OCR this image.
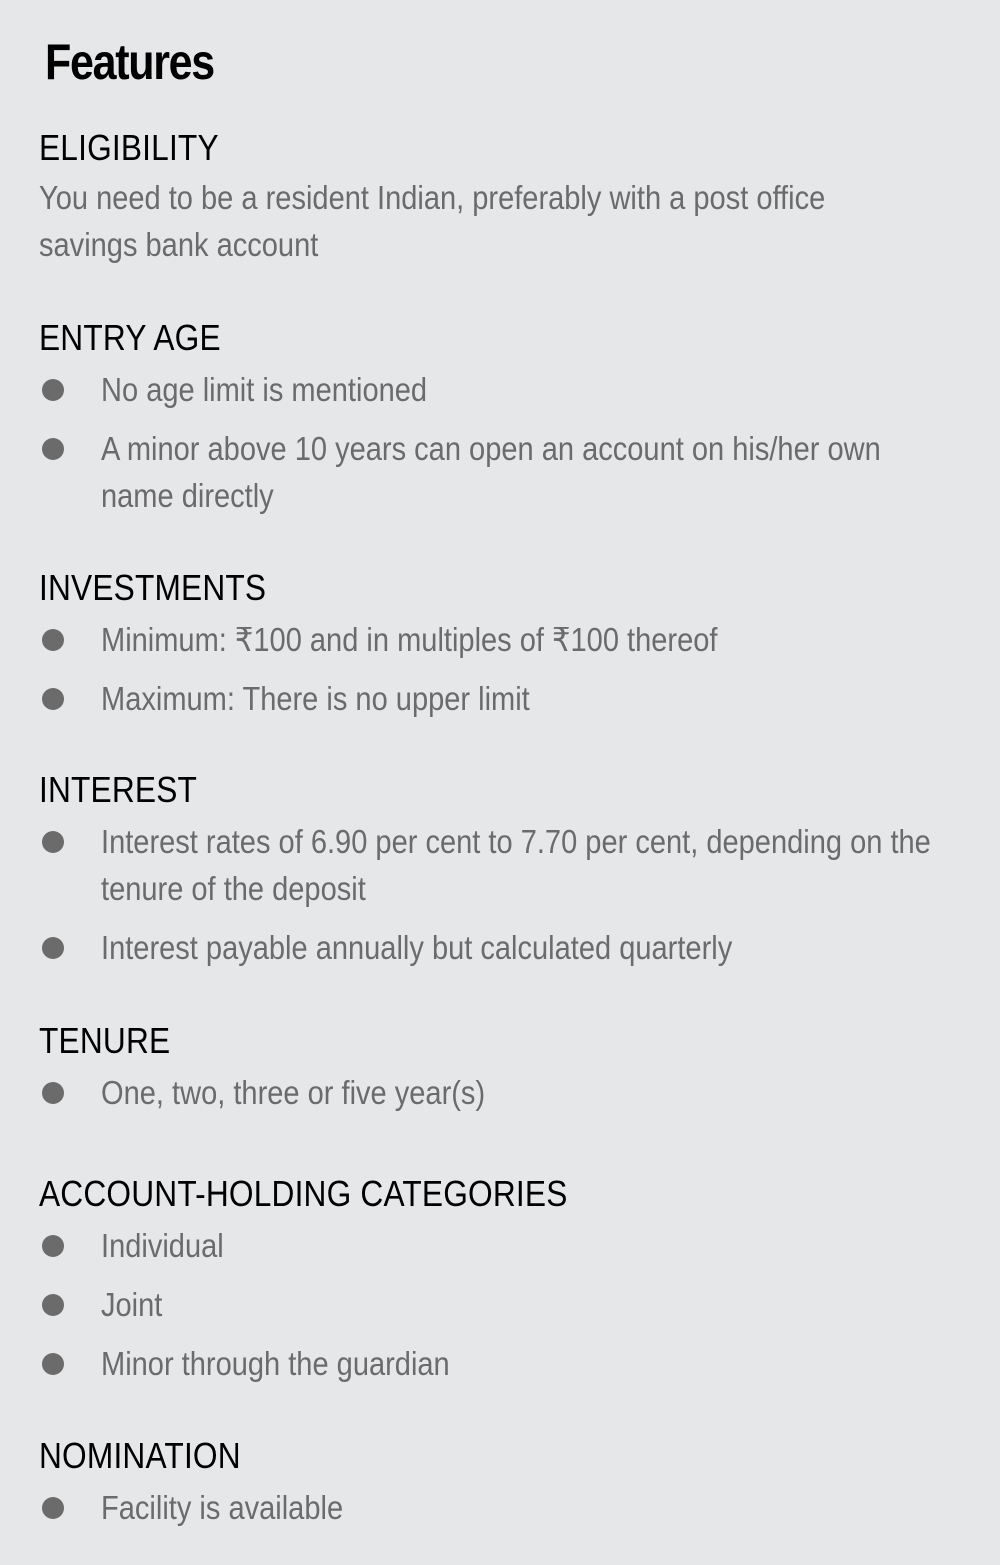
Features
ELIGIBILITY

You need to be a resident Indian, preferably with a post office savings bank account

ENTRY AGE
No age limit is mentioned
A minor above 10 years can open an account on his/her own name directly
INVESTMENTS
Minimum: ₹100 and in multiples of ₹100 thereof
Maximum: There is no upper limit
INTEREST
Interest rates of 6.90 per cent to 7.70 per cent, depending on the tenure of the deposit
Interest payable annually but calculated quarterly
TENURE
One, two, three or five year(s)
ACCOUNT-HOLDING CATEGORIES
Individual
Joint
Minor through the guardian
NOMINATION
Facility is available
